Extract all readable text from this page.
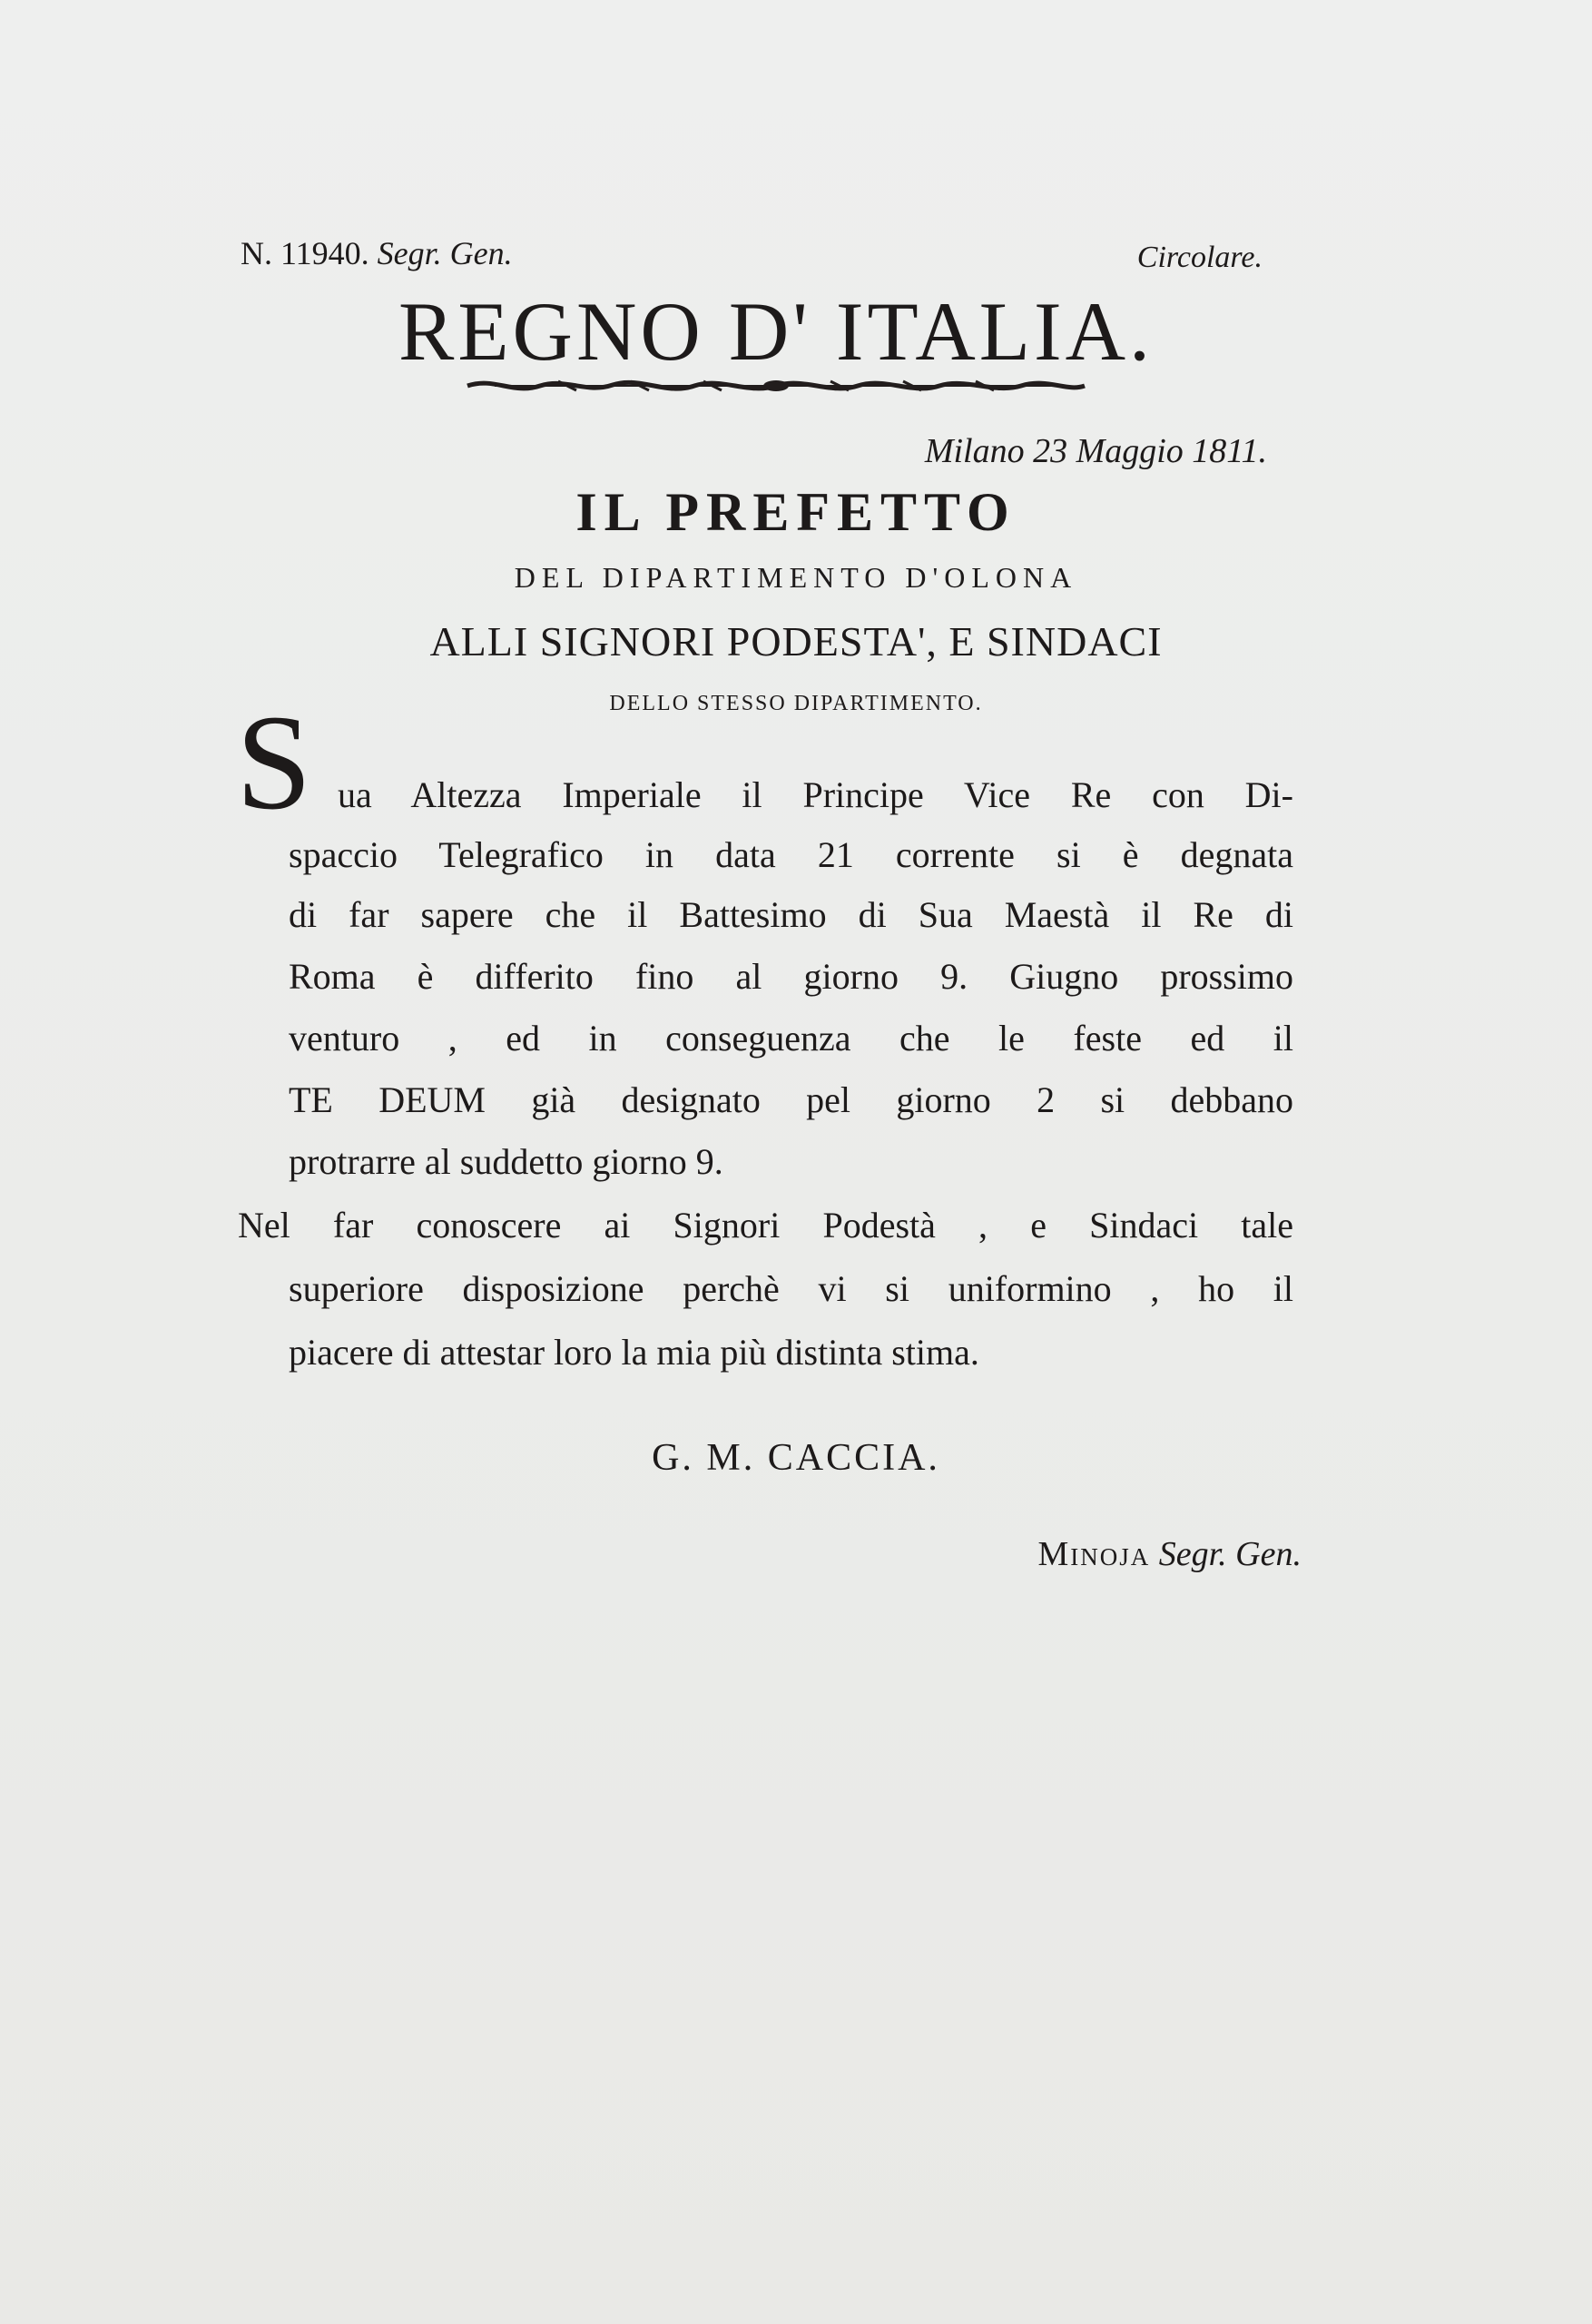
N. 11940. Segr. Gen.	Circolare.
REGNO D' ITALIA.
Milano 23 Maggio 1811.
IL PREFETTO
DEL DIPARTIMENTO D'OLONA
ALLI SIGNORI PODESTA', E SINDACI
DELLO STESSO DIPARTIMENTO.
S ua Altezza Imperiale il Principe Vice Re con Di-
spaccio Telegrafico in data 21 corrente si è degnata
di far sapere che il Battesimo di Sua Maestà il Re di
Roma è differito fino al giorno 9. Giugno prossimo
venturo , ed in conseguenza che le feste ed il
TE DEUM già designato pel giorno 2 si debbano
protrarre al suddetto giorno 9.
Nel far conoscere ai Signori Podestà , e Sindaci tale
superiore disposizione perchè vi si uniformino , ho il
piacere di attestar loro la mia più distinta stima.
G. M. CACCIA.
Minoja Segr. Gen.
